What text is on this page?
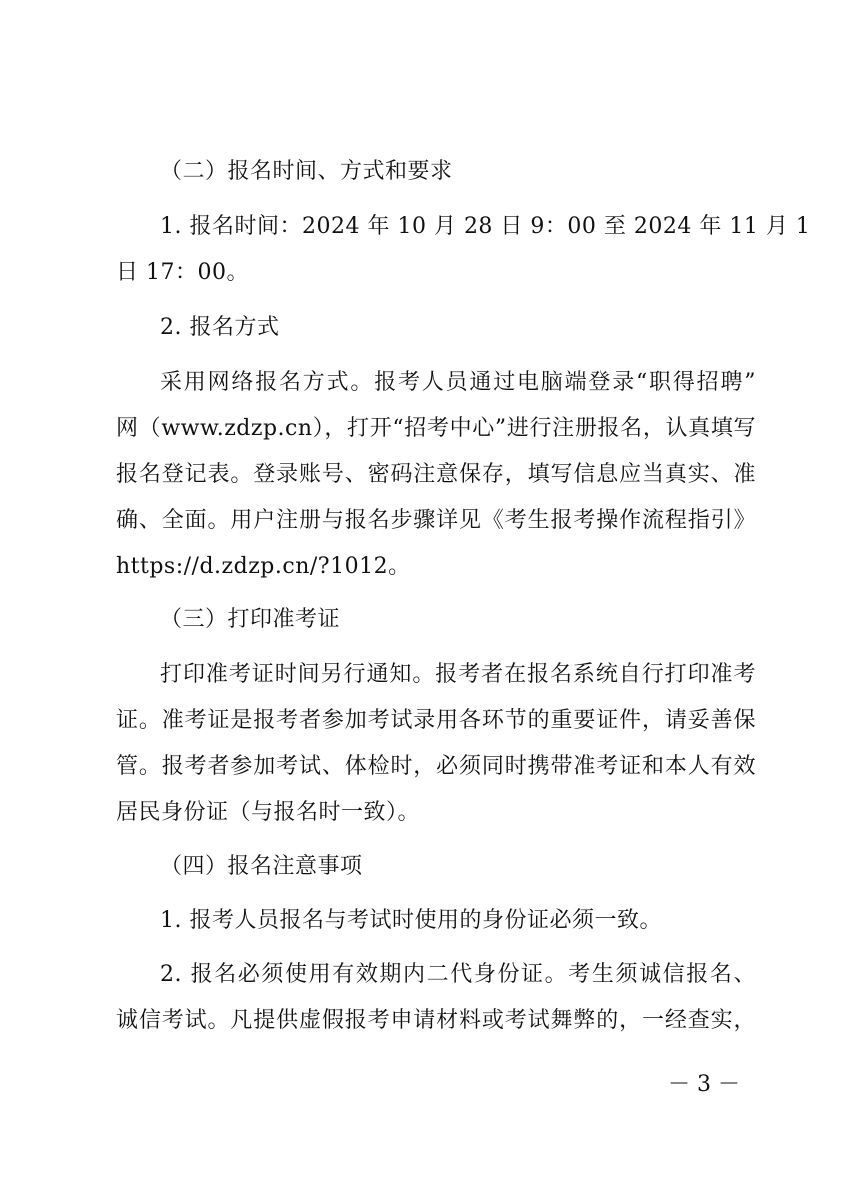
（二）报名时间、方式和要求
1. 报名时间：2024 年 10 月 28 日 9：00 至 2024 年 11 月 1
日 17：00。
2. 报名方式
采用网络报名方式。报考人员通过电脑端登录“职得招聘”
网（www.zdzp.cn），打开“招考中心”进行注册报名，认真填写
报名登记表。登录账号、密码注意保存，填写信息应当真实、准
确、全面。用户注册与报名步骤详见《考生报考操作流程指引》
https://d.zdzp.cn/?1012。
（三）打印准考证
打印准考证时间另行通知。报考者在报名系统自行打印准考
证。准考证是报考者参加考试录用各环节的重要证件，请妥善保
管。报考者参加考试、体检时，必须同时携带准考证和本人有效
居民身份证（与报名时一致）。
（四）报名注意事项
1. 报考人员报名与考试时使用的身份证必须一致。
2. 报名必须使用有效期内二代身份证。考生须诚信报名、
诚信考试。凡提供虚假报考申请材料或考试舞弊的，一经查实，
－ 3 －
